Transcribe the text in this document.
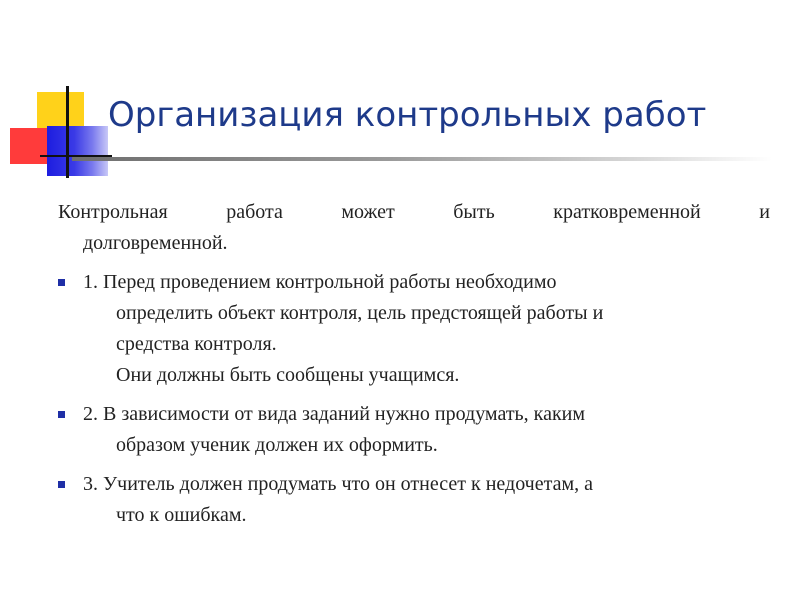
Организация контрольных работ

Контрольная работа может быть кратковременной и
долговременной.

1. Перед проведением контрольной работы необходимо
определить объект контроля, цель предстоящей работы и
средства контроля.
Они должны быть сообщены учащимся.
2. В зависимости от вида заданий нужно продумать, каким
образом ученик должен их оформить.
3. Учитель должен продумать что он отнесет к недочетам, а
что к ошибкам.
